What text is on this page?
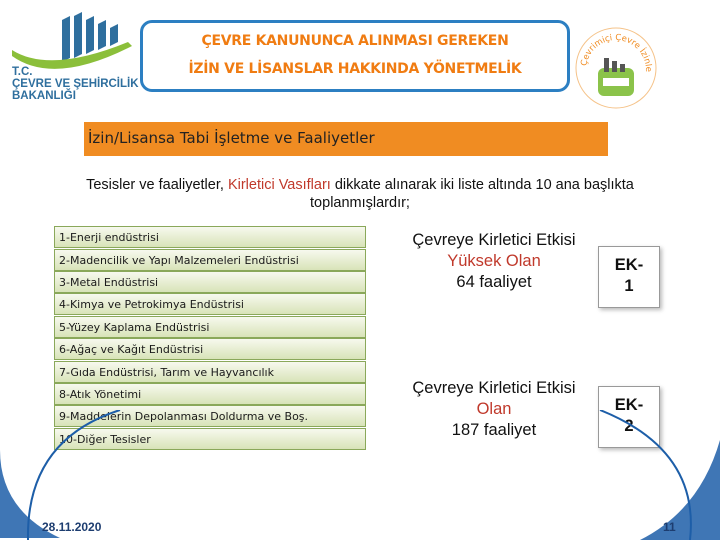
T.C.
ÇEVRE VE ŞEHİRCİLİK
BAKANLIĞI
ÇEVRE KANUNUNCA ALINMASI GEREKEN
İZİN VE LİSANSLAR HAKKINDA YÖNETMELİK	Çevrimiçi Çevre İzinle
İzin/Lisansa Tabi İşletme ve Faaliyetler
Tesisler ve faaliyetler, Kirletici Vasıfları dikkate alınarak iki liste altında 10 ana başlıkta toplanmışlardır;
1-Enerji endüstrisi
2-Madencilik ve Yapı Malzemeleri Endüstrisi
3-Metal Endüstrisi
4-Kimya ve Petrokimya Endüstrisi
5-Yüzey Kaplama Endüstrisi
6-Ağaç ve Kağıt Endüstrisi
7-Gıda Endüstrisi, Tarım ve Hayvancılık
8-Atık Yönetimi
9-Maddelerin Depolanması Doldurma ve Boş.
10-Diğer Tesisler
Çevreye Kirletici Etkisi
Yüksek Olan
64 faaliyet
EK-
1
Çevreye Kirletici Etkisi
Olan
187 faaliyet
EK-
2
28.11.2020	11
